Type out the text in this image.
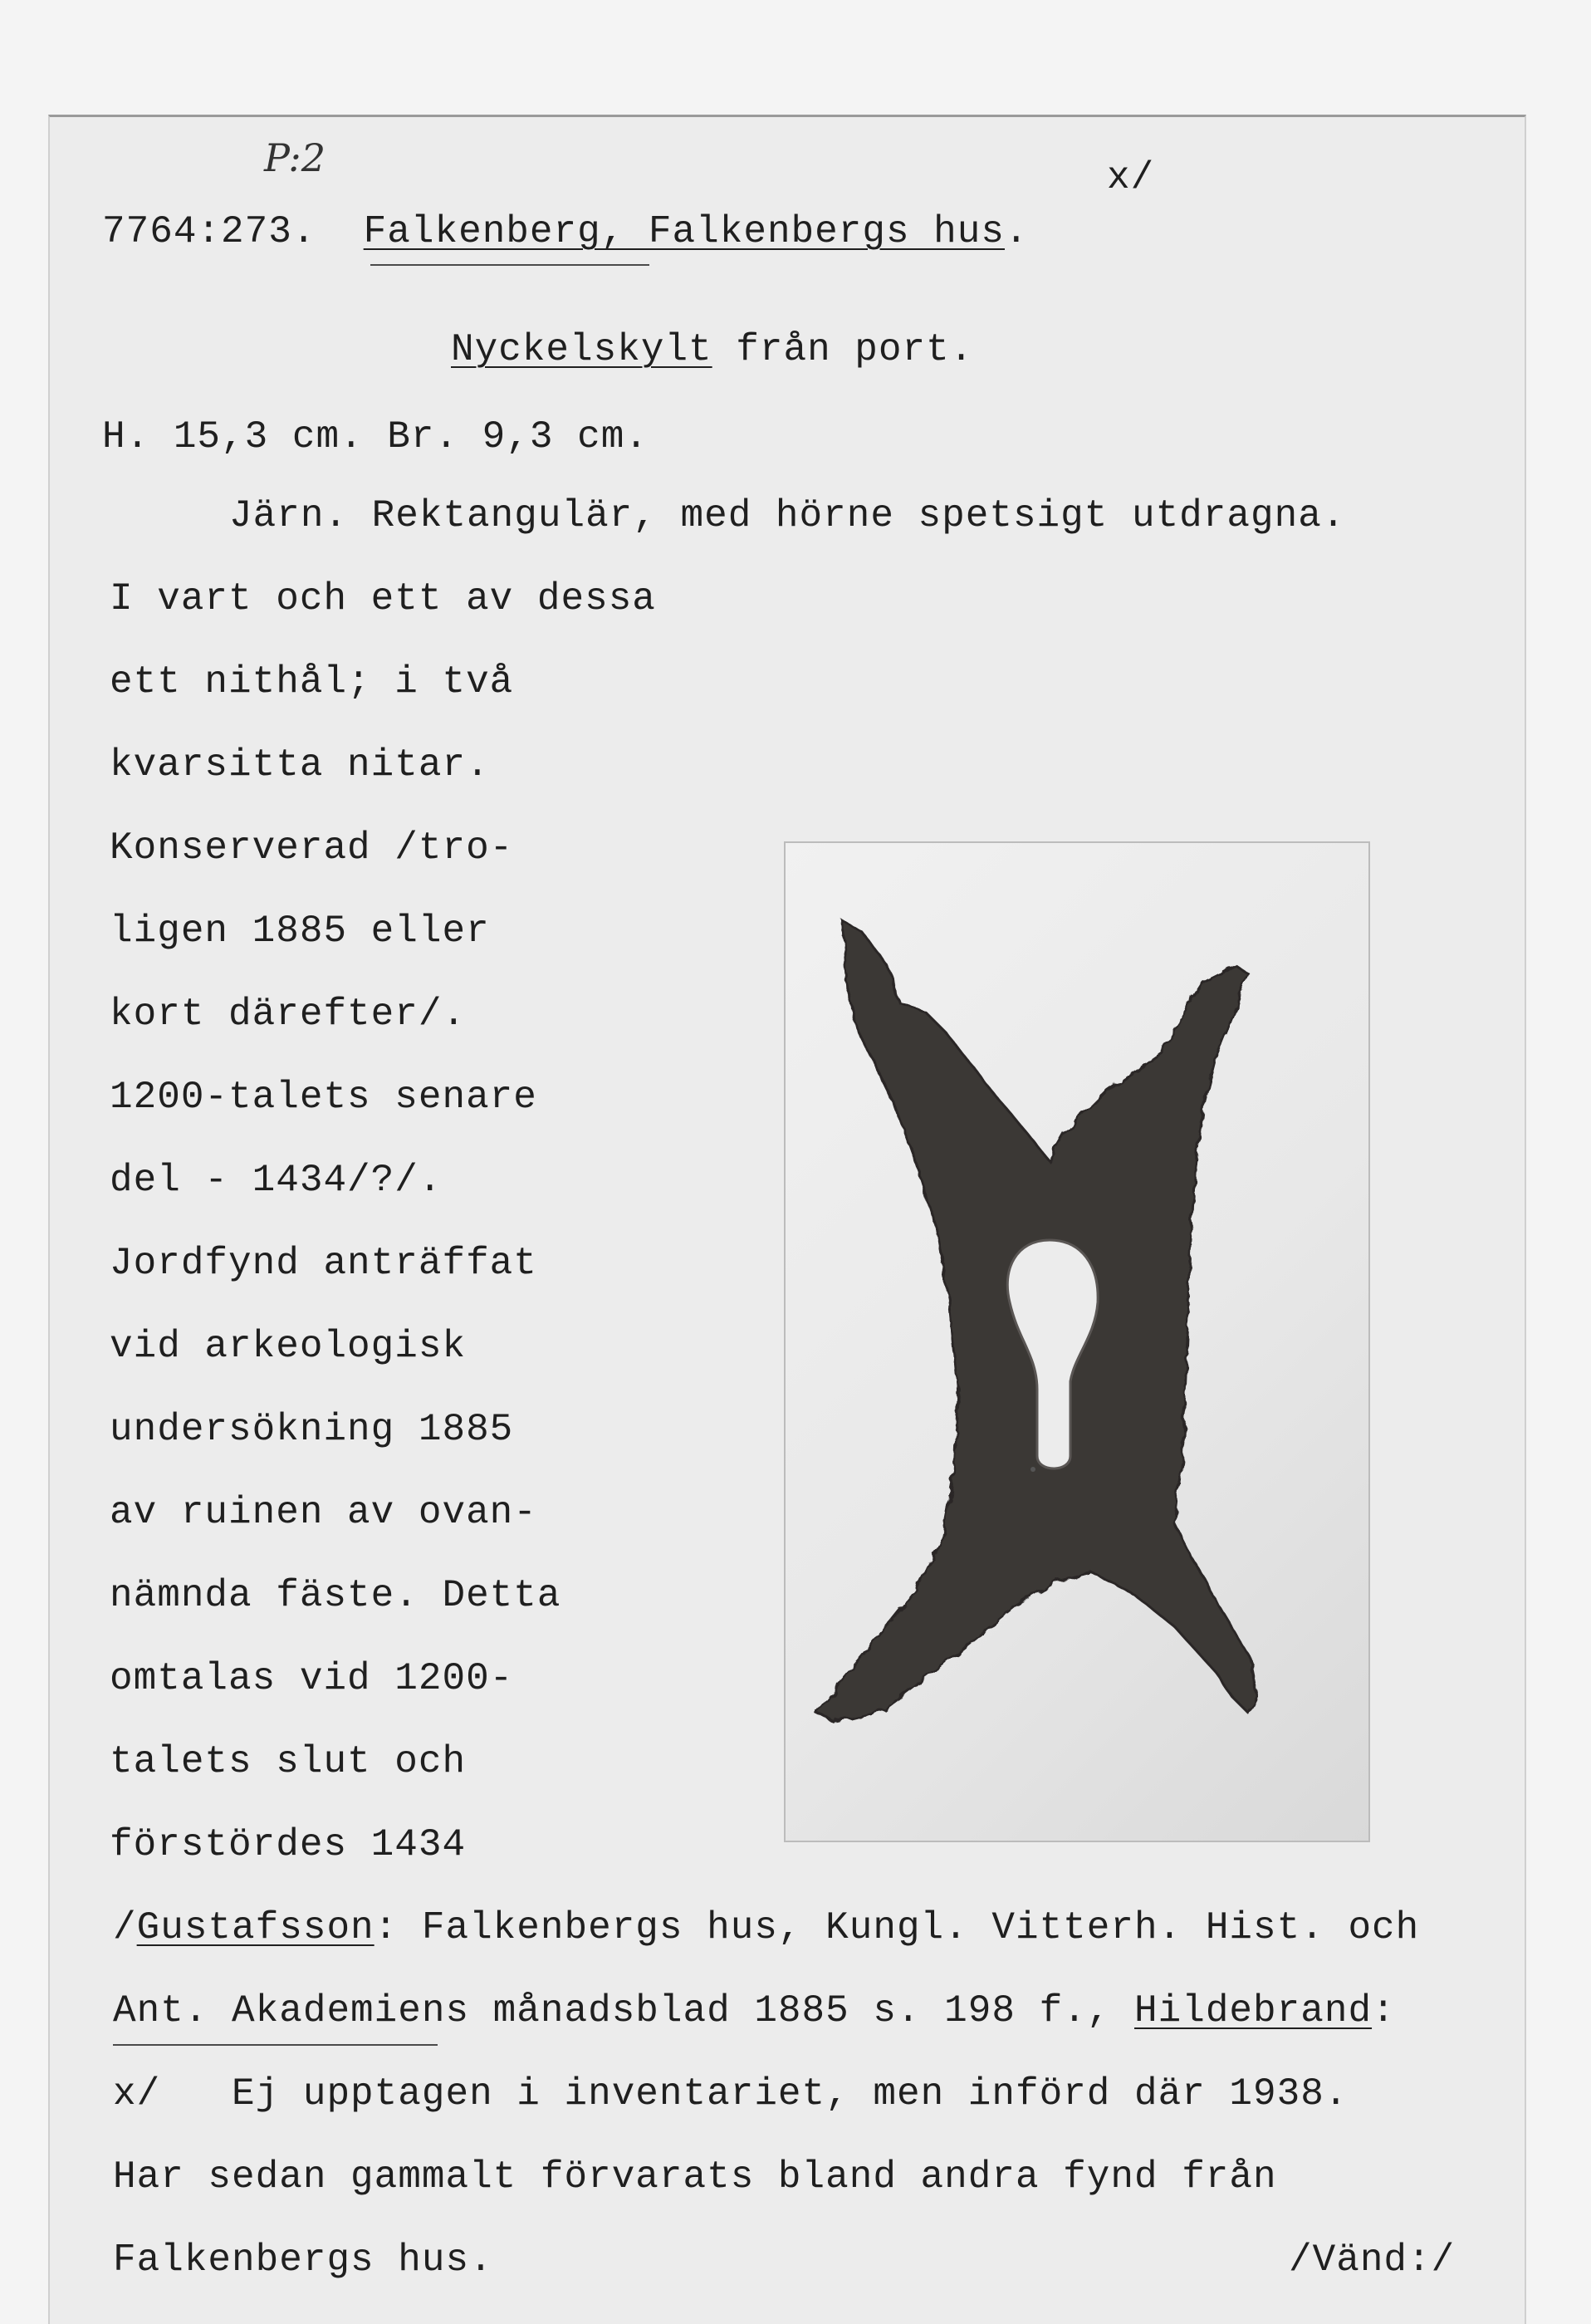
P:2	x/
7764:273. Falkenberg, Falkenbergs hus.
Nyckelskylt från port.
H. 15,3 cm. Br. 9,3 cm.
Järn. Rektangulär, med hörne spetsigt utdragna.
I vart och ett av dessa
ett nithål; i två
kvarsitta nitar.
Konserverad /tro-
ligen 1885 eller
kort därefter/.
1200-talets senare
del - 1434/?/.
Jordfynd anträffat
vid arkeologisk
undersökning 1885
av ruinen av ovan-
nämnda fäste. Detta
omtalas vid 1200-
talets slut och
förstördes 1434
/Gustafsson: Falkenbergs hus, Kungl. Vitterh. Hist. och
Ant. Akademiens månadsblad 1885 s. 198 f., Hildebrand:
x/   Ej upptagen i inventariet, men införd där 1938.
Har sedan gammalt förvarats bland andra fynd från
Falkenbergs hus.	/Vänd:/
